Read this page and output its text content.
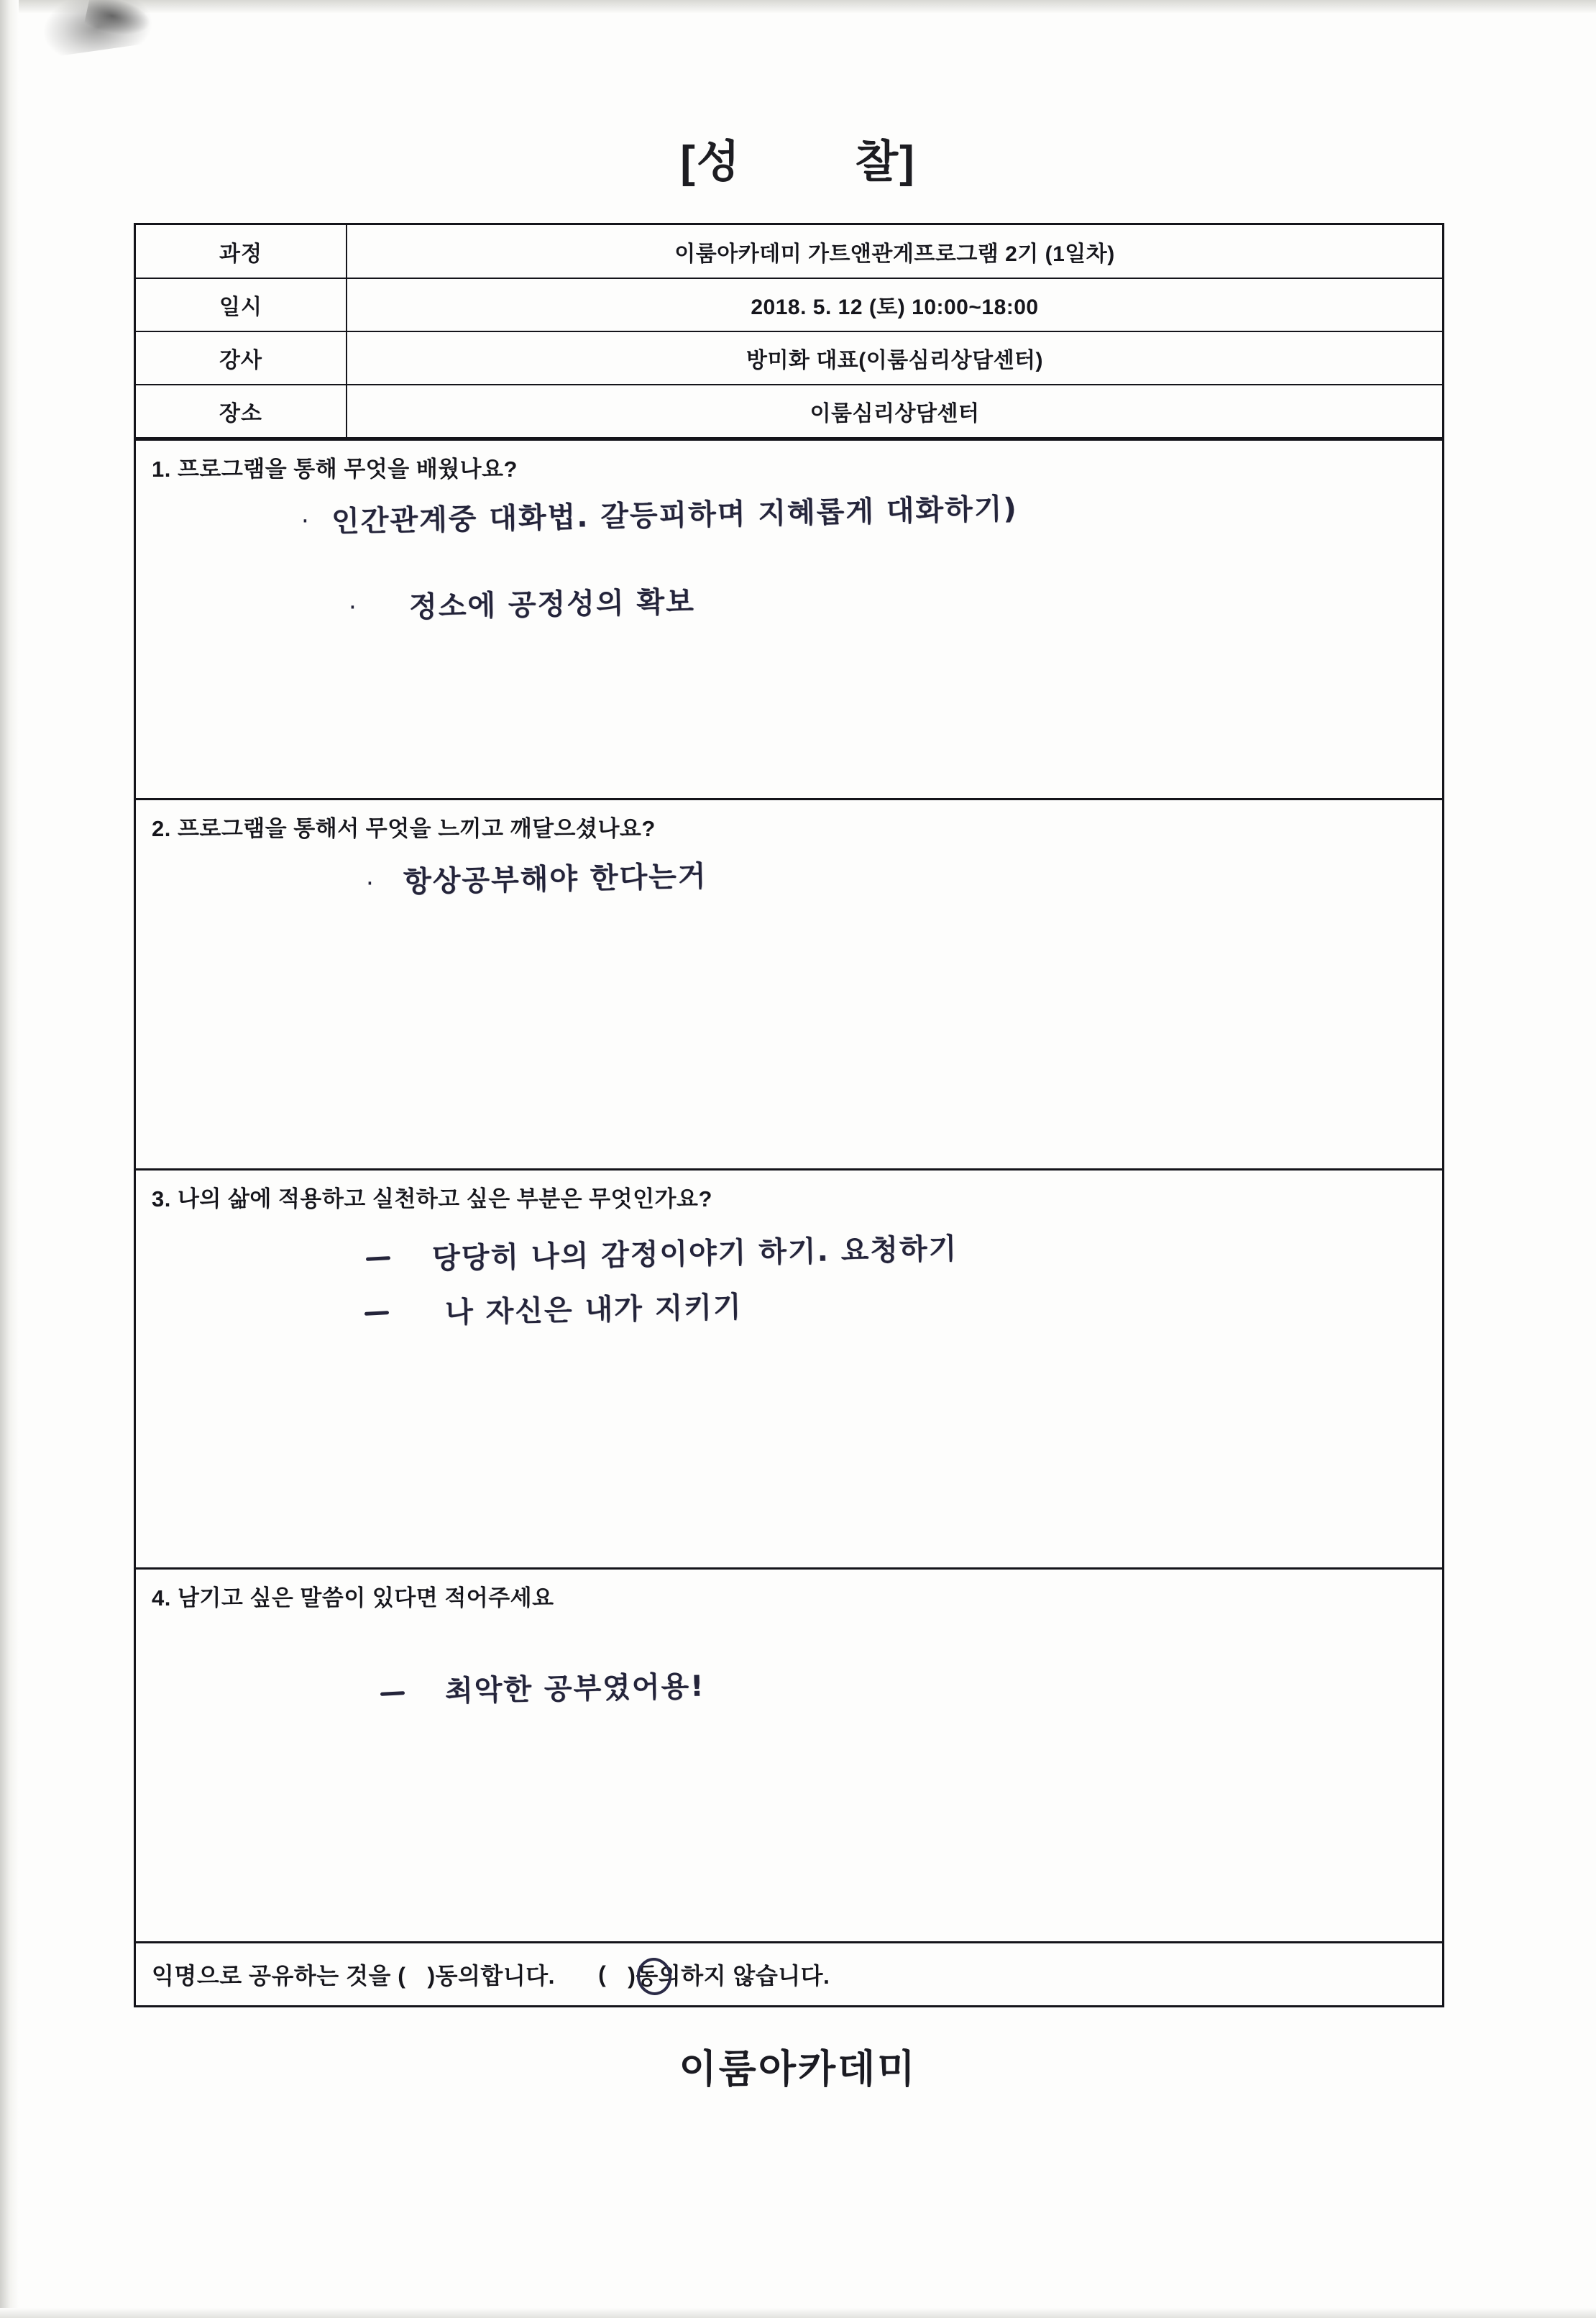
[성	찰]
과정	이룸아카데미 가트앤관게프로그램 2기 (1일차)
일시	2018. 5. 12 (토) 10:00~18:00
강사	방미화 대표(이룸심리상담센터)
장소	이룸심리상담센터
1. 프로그램을 통해 무엇을 배웠나요?
· 인간관계중 대화법. 갈등피하며 지혜롭게 대화하기)
· 정소에 공정성의 확보
2. 프로그램을 통해서 무엇을 느끼고 깨달으셨나요?
· 항상공부해야 한다는거
3. 나의 삶에 적용하고 실천하고 싶은 부분은 무엇인가요?
당당히 나의 감정이야기 하기. 요청하기
나 자신은 내가 지키기
4. 남기고 싶은 말씀이 있다면 적어주세요
최악한 공부였어용!
익명으로 공유하는 것을 ( )동의합니다. ( )동의하지 않습니다.
이룸아카데미
